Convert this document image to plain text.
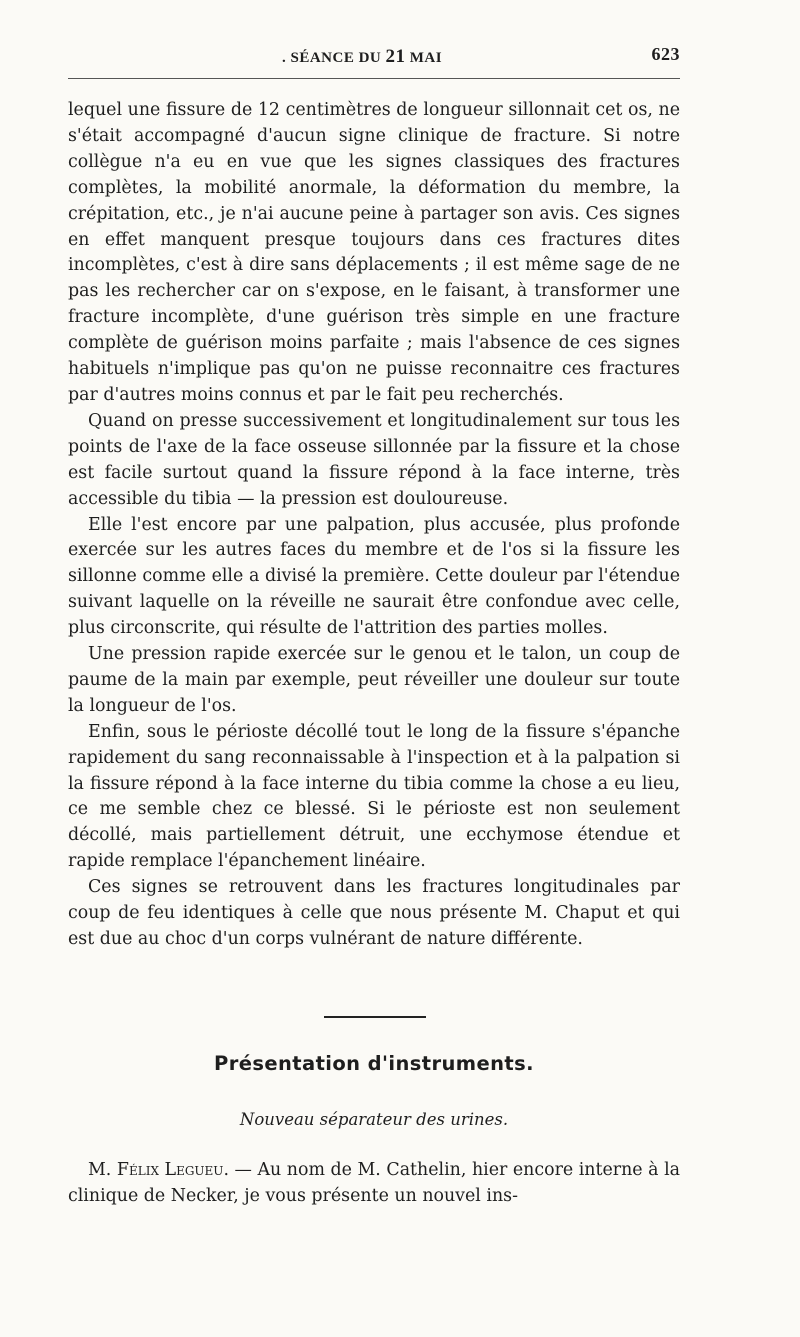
. SÉANCE DU 21 MAI	623

lequel une fissure de 12 centimètres de longueur sillonnait cet os, ne s'était accompagné d'aucun signe clinique de fracture. Si notre collègue n'a eu en vue que les signes classiques des fractures complètes, la mobilité anormale, la déformation du membre, la crépitation, etc., je n'ai aucune peine à partager son avis. Ces signes en effet manquent presque toujours dans ces fractures dites incomplètes, c'est à dire sans déplacements ; il est même sage de ne pas les rechercher car on s'expose, en le faisant, à transformer une fracture incomplète, d'une guérison très simple en une fracture complète de guérison moins parfaite ; mais l'absence de ces signes habituels n'implique pas qu'on ne puisse reconnaitre ces fractures par d'autres moins connus et par le fait peu recherchés.

Quand on presse successivement et longitudinalement sur tous les points de l'axe de la face osseuse sillonnée par la fissure et la chose est facile surtout quand la fissure répond à la face interne, très accessible du tibia — la pression est douloureuse.

Elle l'est encore par une palpation, plus accusée, plus profonde exercée sur les autres faces du membre et de l'os si la fissure les sillonne comme elle a divisé la première. Cette douleur par l'étendue suivant laquelle on la réveille ne saurait être confondue avec celle, plus circonscrite, qui résulte de l'attrition des parties molles.

Une pression rapide exercée sur le genou et le talon, un coup de paume de la main par exemple, peut réveiller une douleur sur toute la longueur de l'os.

Enfin, sous le périoste décollé tout le long de la fissure s'épanche rapidement du sang reconnaissable à l'inspection et à la palpation si la fissure répond à la face interne du tibia comme la chose a eu lieu, ce me semble chez ce blessé. Si le périoste est non seulement décollé, mais partiellement détruit, une ecchymose étendue et rapide remplace l'épanchement linéaire.

Ces signes se retrouvent dans les fractures longitudinales par coup de feu identiques à celle que nous présente M. Chaput et qui est due au choc d'un corps vulnérant de nature différente.

Présentation d'instruments.
Nouveau séparateur des urines.

M. Félix Legueu. — Au nom de M. Cathelin, hier encore interne à la clinique de Necker, je vous présente un nouvel ins-
